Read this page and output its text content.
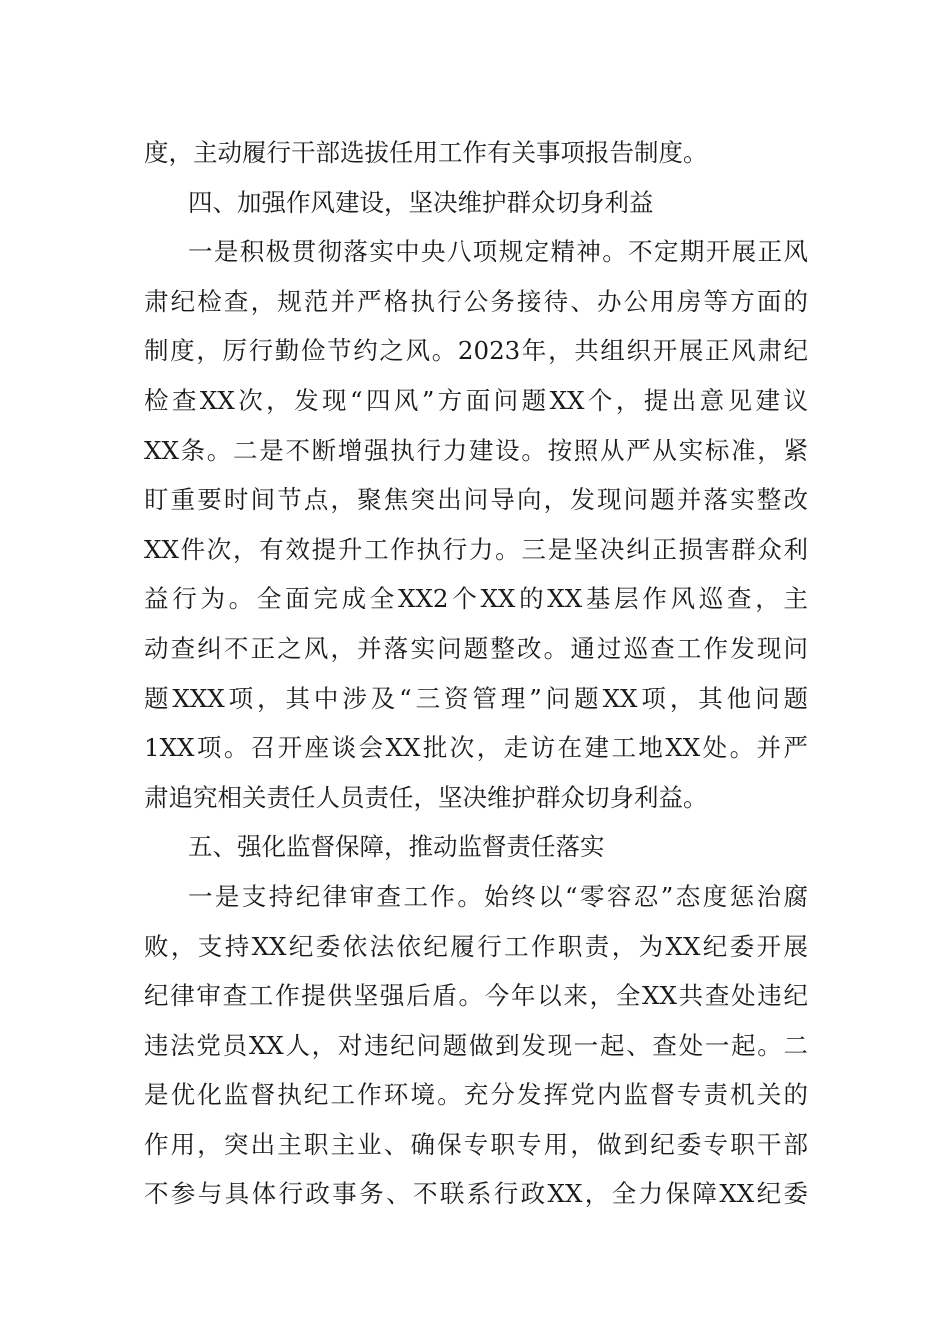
度，主动履行干部选拔任用工作有关事项报告制度。
四、加强作风建设，坚决维护群众切身利益
一是积极贯彻落实中央八项规定精神。不定期开展正风
肃纪检查，规范并严格执行公务接待、办公用房等方面的
制度，厉行勤俭节约之风。2023年，共组织开展正风肃纪
检查XX次，发现“四风”方面问题XX个，提出意见建议
XX条。二是不断增强执行力建设。按照从严从实标准，紧
盯重要时间节点，聚焦突出问导向，发现问题并落实整改
XX件次，有效提升工作执行力。三是坚决纠正损害群众利
益行为。全面完成全XX2个XX的XX基层作风巡查，主
动查纠不正之风，并落实问题整改。通过巡查工作发现问
题XXX项，其中涉及“三资管理”问题XX项，其他问题
1XX项。召开座谈会XX批次，走访在建工地XX处。并严
肃追究相关责任人员责任，坚决维护群众切身利益。
五、强化监督保障，推动监督责任落实
一是支持纪律审查工作。始终以“零容忍”态度惩治腐
败，支持XX纪委依法依纪履行工作职责，为XX纪委开展
纪律审查工作提供坚强后盾。今年以来，全XX共查处违纪
违法党员XX人，对违纪问题做到发现一起、查处一起。二
是优化监督执纪工作环境。充分发挥党内监督专责机关的
作用，突出主职主业、确保专职专用，做到纪委专职干部
不参与具体行政事务、不联系行政XX，全力保障XX纪委
